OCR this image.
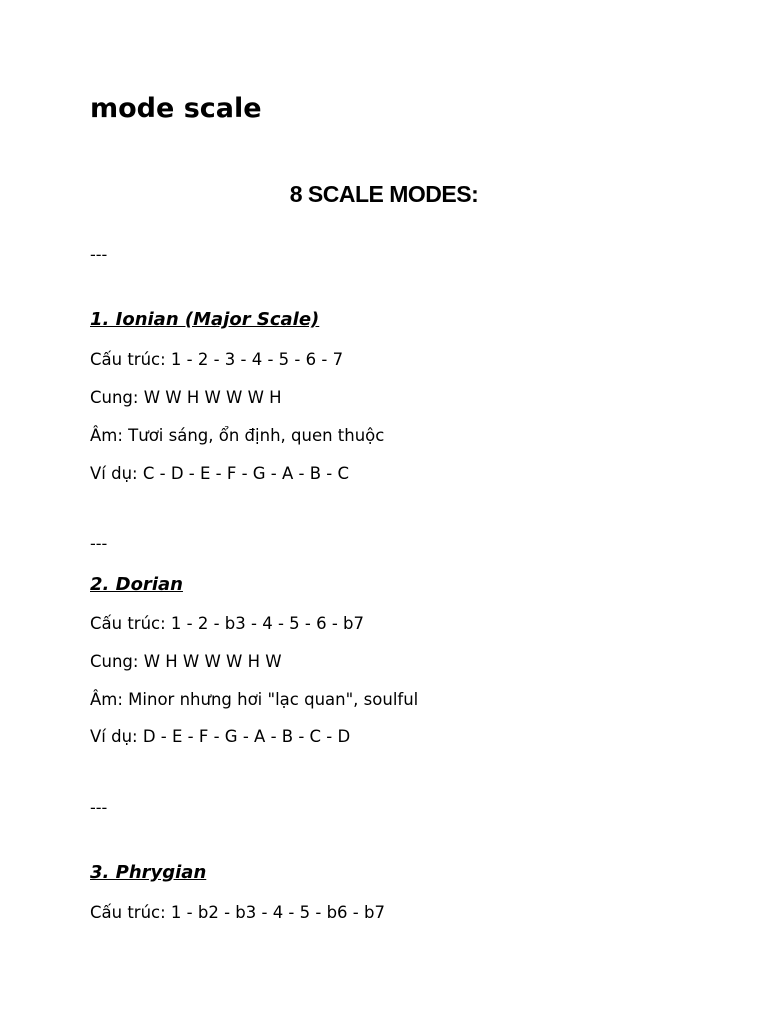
mode scale
8 SCALE MODES:
---
1. Ionian (Major Scale)
Cấu trúc: 1 - 2 - 3 - 4 - 5 - 6 - 7
Cung: W W H W W W H
Âm: Tươi sáng, ổn định, quen thuộc
Ví dụ: C - D - E - F - G - A - B - C
---
2. Dorian
Cấu trúc: 1 - 2 - b3 - 4 - 5 - 6 - b7
Cung: W H W W W H W
Âm: Minor nhưng hơi "lạc quan", soulful
Ví dụ: D - E - F - G - A - B - C - D
---
3. Phrygian
Cấu trúc: 1 - b2 - b3 - 4 - 5 - b6 - b7
